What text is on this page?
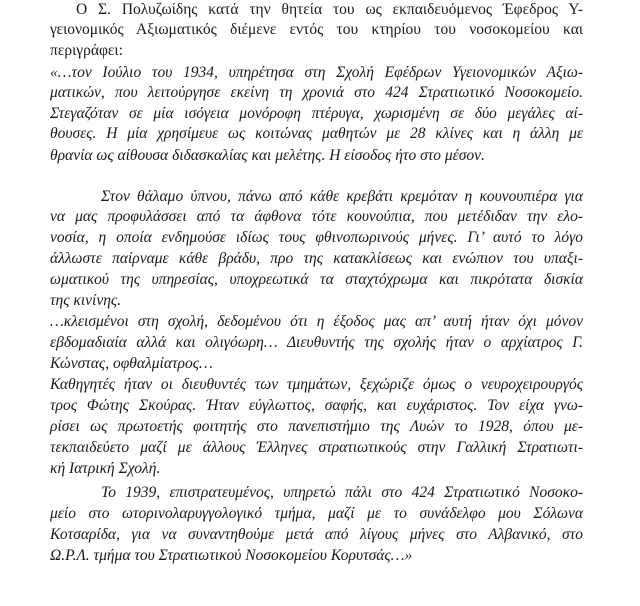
Ο Σ. Πολυζωίδης κατά την θητεία του ως εκπαιδευόμενος Έφεδρος Υ-
γειονομικός Αξιωματικός διέμενε εντός του κτηρίου του νοσοκομείου και
περιγράφει:
«…τον Ιούλιο του 1934, υπηρέτησα στη Σχολή Εφέδρων Υγειονομικών Αξιω-
ματικών, που λειτούργησε εκείνη τη χρονιά στο 424 Στρατιωτικό Νοσοκομείο.
Στεγαζόταν σε μία ισόγεια μονόροφη πτέρυγα, χωρισμένη σε δύο μεγάλες αί-
θουσες. Η μία χρησίμευε ως κοιτώνας μαθητών με 28 κλίνες και η άλλη με
θρανία ως αίθουσα διδασκαλίας και μελέτης. Η είσοδος ήτο στο μέσον.
Στον θάλαμο ύπνου, πάνω από κάθε κρεβάτι κρεμόταν η κουνουπιέρα για
να μας προφυλάσσει από τα άφθονα τότε κουνούπια, που μετέδιδαν την ελο-
νοσία, η οποία ενδημούσε ιδίως τους φθινοπωρινούς μήνες. Γι’ αυτό το λόγο
άλλωστε παίρναμε κάθε βράδυ, προ της κατακλίσεως και ενώπιον του υπαξι-
ωματικού της υπηρεσίας, υποχρεωτικά τα σταχτόχρωμα και πικρότατα δισκία
της κινίνης.
…κλεισμένοι στη σχολή, δεδομένου ότι η έξοδος μας απ’ αυτή ήταν όχι μόνον
εβδομαδιαία αλλά και ολιγόωρη… Διευθυντής της σχολής ήταν ο αρχίατρος Γ.
Κώνστας, οφθαλμίατρος…
Καθηγητές ήταν οι διευθυντές των τμημάτων, ξεχώριζε όμως ο νευροχειρουργός
τρος Φώτης Σκούρας. Ήταν εύγλωττος, σαφής, και ευχάριστος. Τον είχα γνω-
ρίσει ως πρωτοετής φοιτητής στο πανεπιστήμιο της Λυών το 1928, όπου με-
τεκπαιδεύετο μαζί με άλλους Έλληνες στρατιωτικούς στην Γαλλική Στρατιωτι-
κή Ιατρική Σχολή.
Το 1939, επιστρατευμένος, υπηρετώ πάλι στο 424 Στρατιωτικό Νοσοκο-
μείο στο ωτορινολαρυγγολογικό τμήμα, μαζί με το συνάδελφο μου Σόλωνα
Κοτσαρίδα, για να συναντηθούμε μετά από λίγους μήνες στο Αλβανικό, στο
Ω.Ρ.Λ. τμήμα του Στρατιωτικού Νοσοκομείου Κορυτσάς…»
